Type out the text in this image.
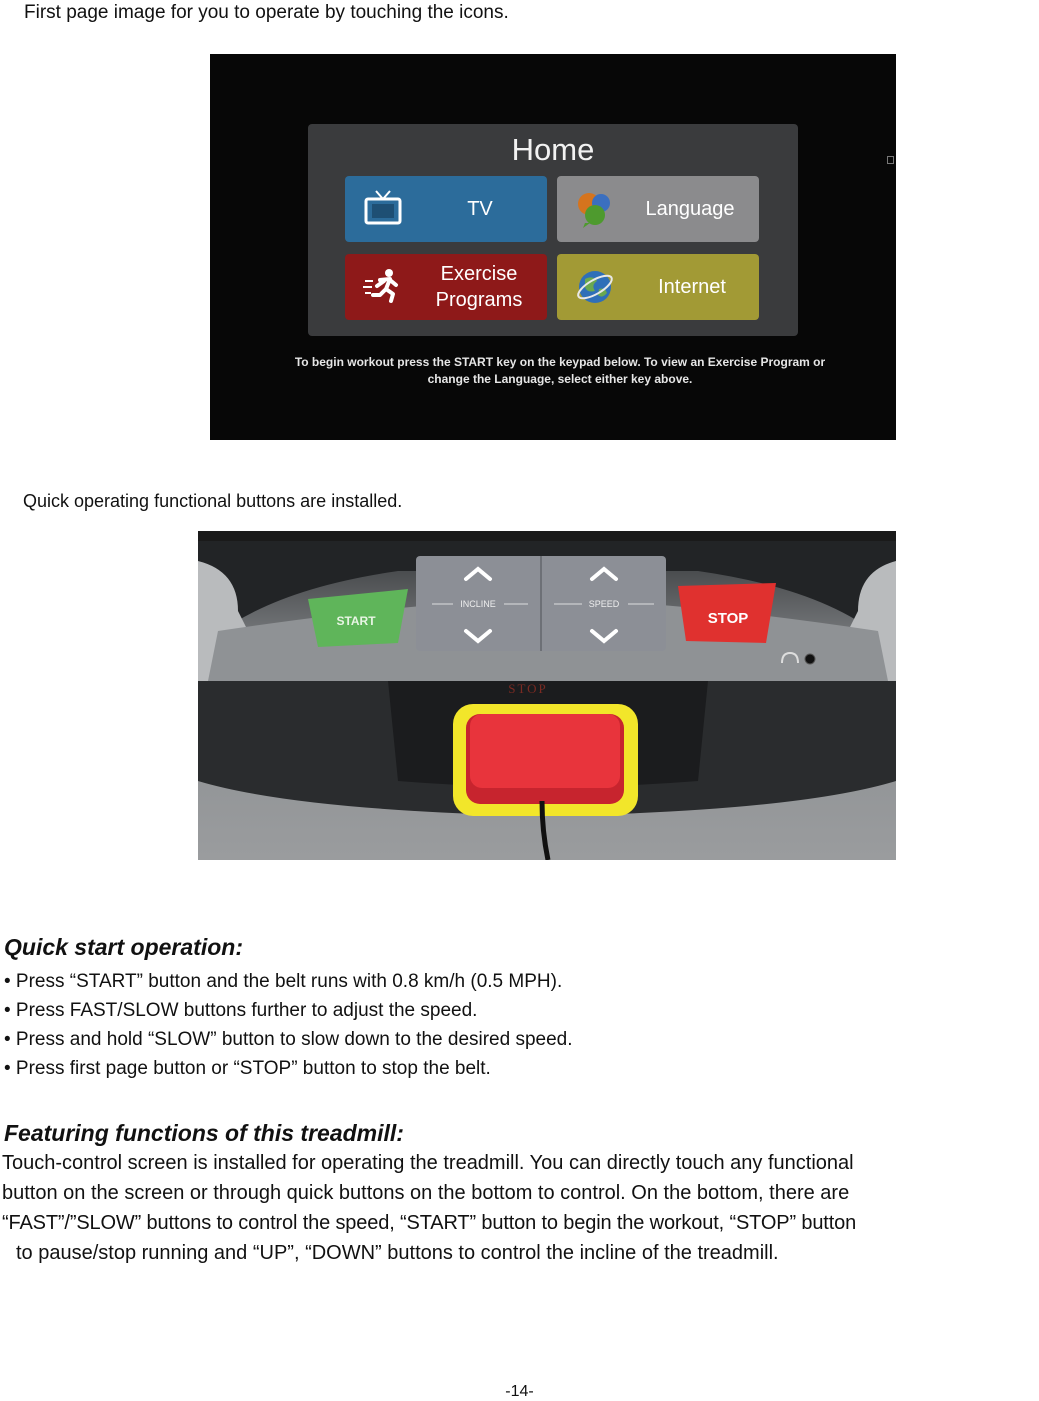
First page image for you to operate by touching the icons.
Home
TV	Language
Exercise
Programs
Internet
To begin workout press the START key on the keypad below. To view an Exercise Program or change the Language, select either key above.
Quick operating functional buttons are installed.
START
INCLINE	SPEED
STOP
STOP
Quick start operation:
• Press “START” button and the belt runs with 0.8 km/h (0.5 MPH).
• Press FAST/SLOW buttons further to adjust the speed.
• Press and hold “SLOW” button to slow down to the desired speed.
• Press first page button or “STOP” button to stop the belt.
Featuring functions of this treadmill:
Touch-control screen is installed for operating the treadmill. You can directly touch any functional
button on the screen or through quick buttons on the bottom to control. On the bottom, there are
“FAST”/”SLOW” buttons to control the speed, “START” button to begin the workout, “STOP” button
to pause/stop running and “UP”, “DOWN” buttons to control the incline of the treadmill.
-14-
